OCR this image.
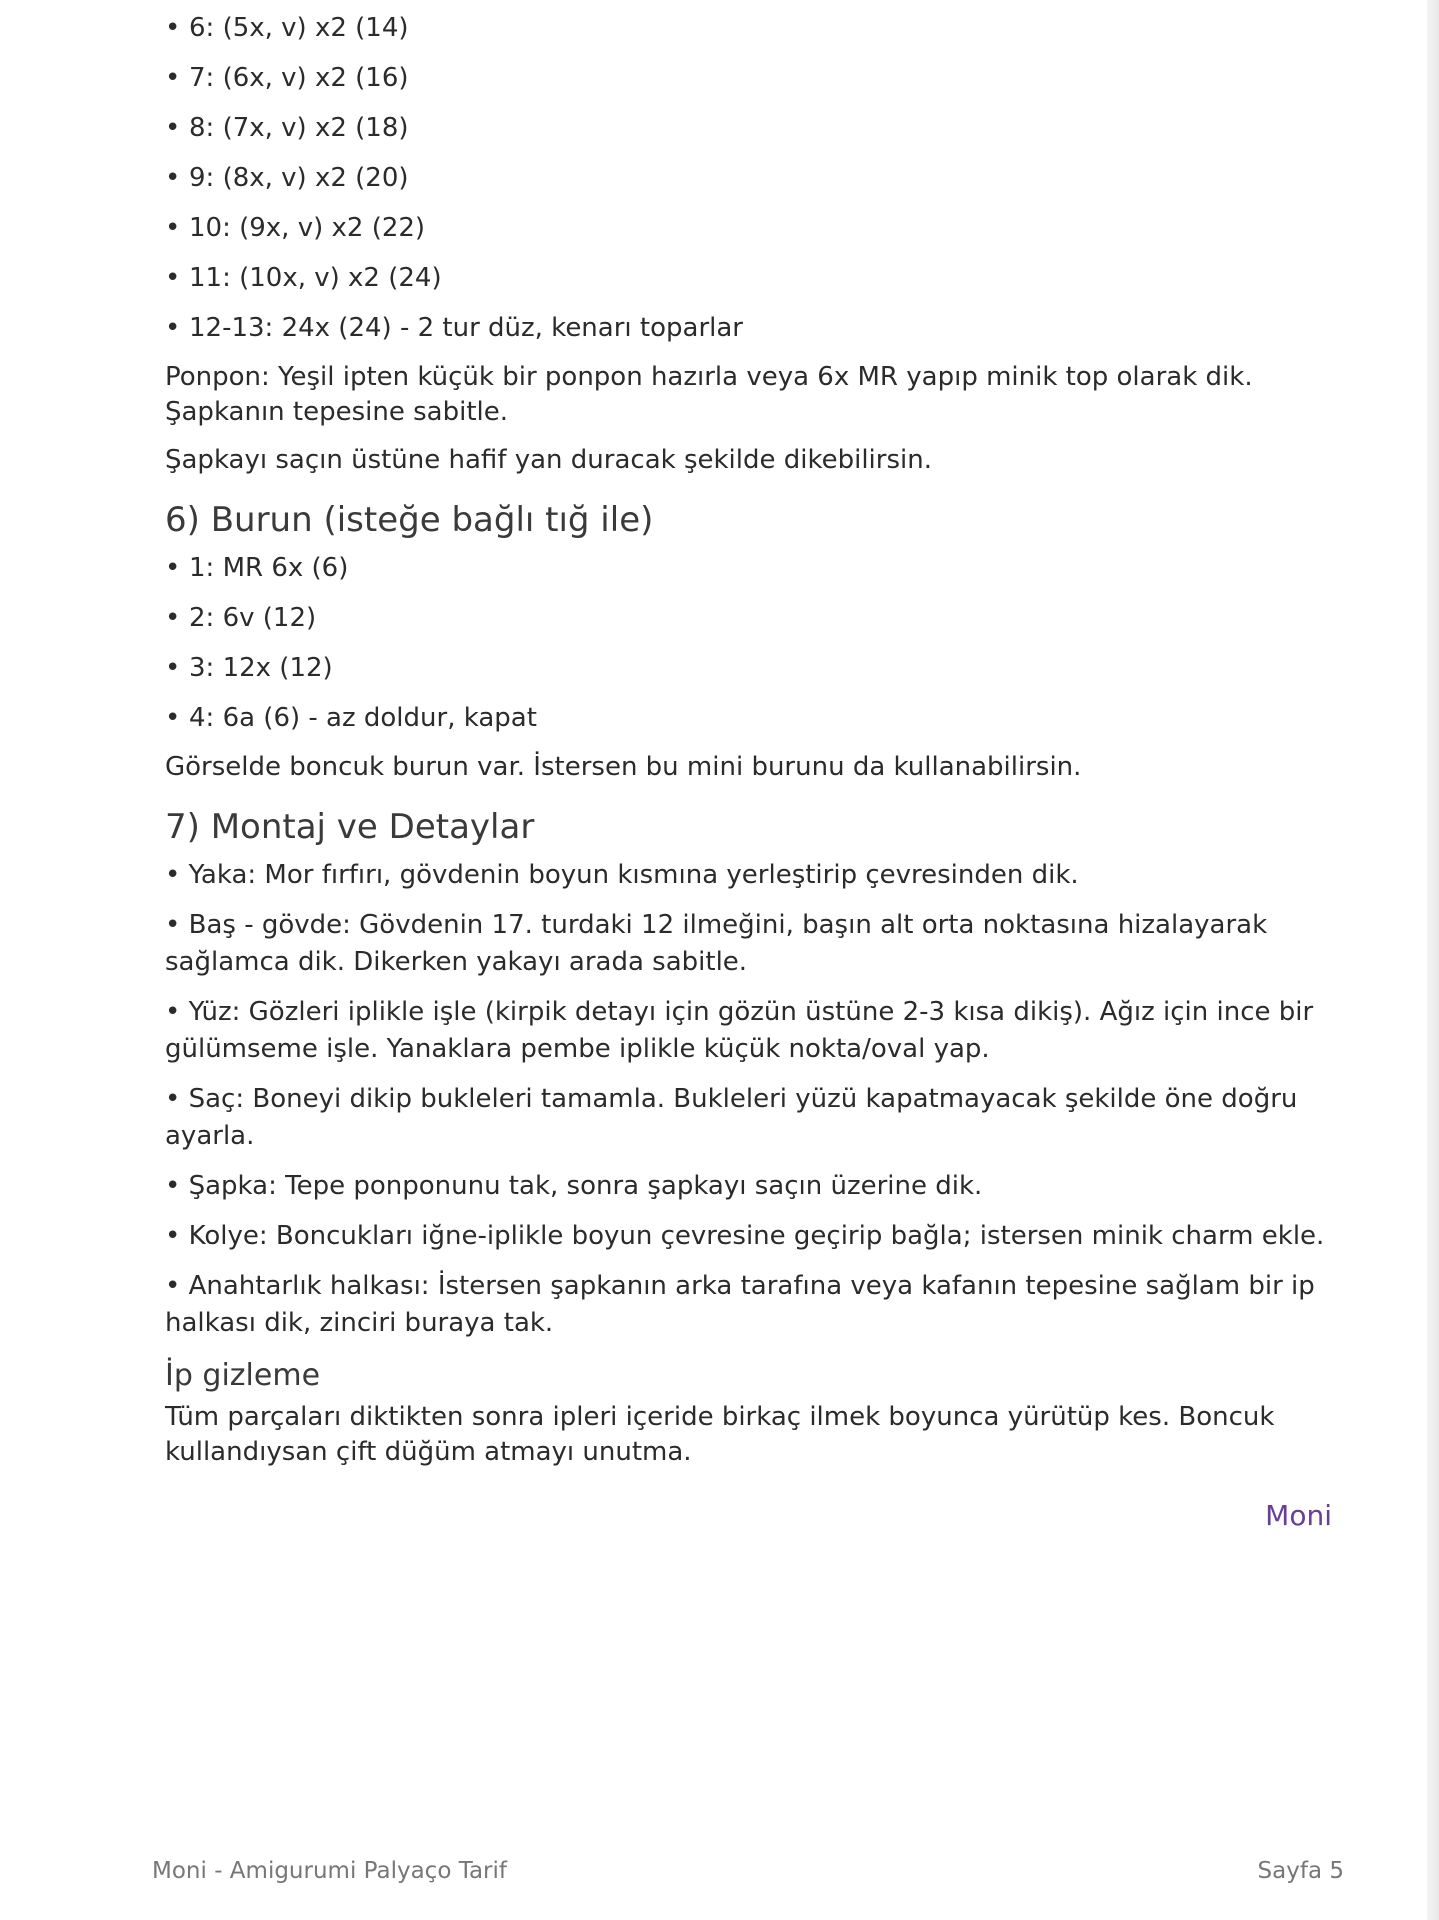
• 6: (5x, v) x2 (14)
• 7: (6x, v) x2 (16)
• 8: (7x, v) x2 (18)
• 9: (8x, v) x2 (20)
• 10: (9x, v) x2 (22)
• 11: (10x, v) x2 (24)
• 12-13: 24x (24) - 2 tur düz, kenarı toparlar

Ponpon: Yeşil ipten küçük bir ponpon hazırla veya 6x MR yapıp minik top olarak dik. Şapkanın tepesine sabitle.

Şapkayı saçın üstüne hafif yan duracak şekilde dikebilirsin.

6) Burun (isteğe bağlı tığ ile)
• 1: MR 6x (6)
• 2: 6v (12)
• 3: 12x (12)
• 4: 6a (6) - az doldur, kapat

Görselde boncuk burun var. İstersen bu mini burunu da kullanabilirsin.

7) Montaj ve Detaylar
• Yaka: Mor fırfırı, gövdenin boyun kısmına yerleştirip çevresinden dik.
• Baş - gövde: Gövdenin 17. turdaki 12 ilmeğini, başın alt orta noktasına hizalayarak sağlamca dik. Dikerken yakayı arada sabitle.
• Yüz: Gözleri iplikle işle (kirpik detayı için gözün üstüne 2-3 kısa dikiş). Ağız için ince bir gülümseme işle. Yanaklara pembe iplikle küçük nokta/oval yap.
• Saç: Boneyi dikip bukleleri tamamla. Bukleleri yüzü kapatmayacak şekilde öne doğru ayarla.
• Şapka: Tepe ponponunu tak, sonra şapkayı saçın üzerine dik.
• Kolye: Boncukları iğne-iplikle boyun çevresine geçirip bağla; istersen minik charm ekle.
• Anahtarlık halkası: İstersen şapkanın arka tarafına veya kafanın tepesine sağlam bir ip halkası dik, zinciri buraya tak.
İp gizleme

Tüm parçaları diktikten sonra ipleri içeride birkaç ilmek boyunca yürütüp kes. Boncuk kullandıysan çift düğüm atmayı unutma.

Moni
Moni - Amigurumi Palyaço Tarif	Sayfa 5
